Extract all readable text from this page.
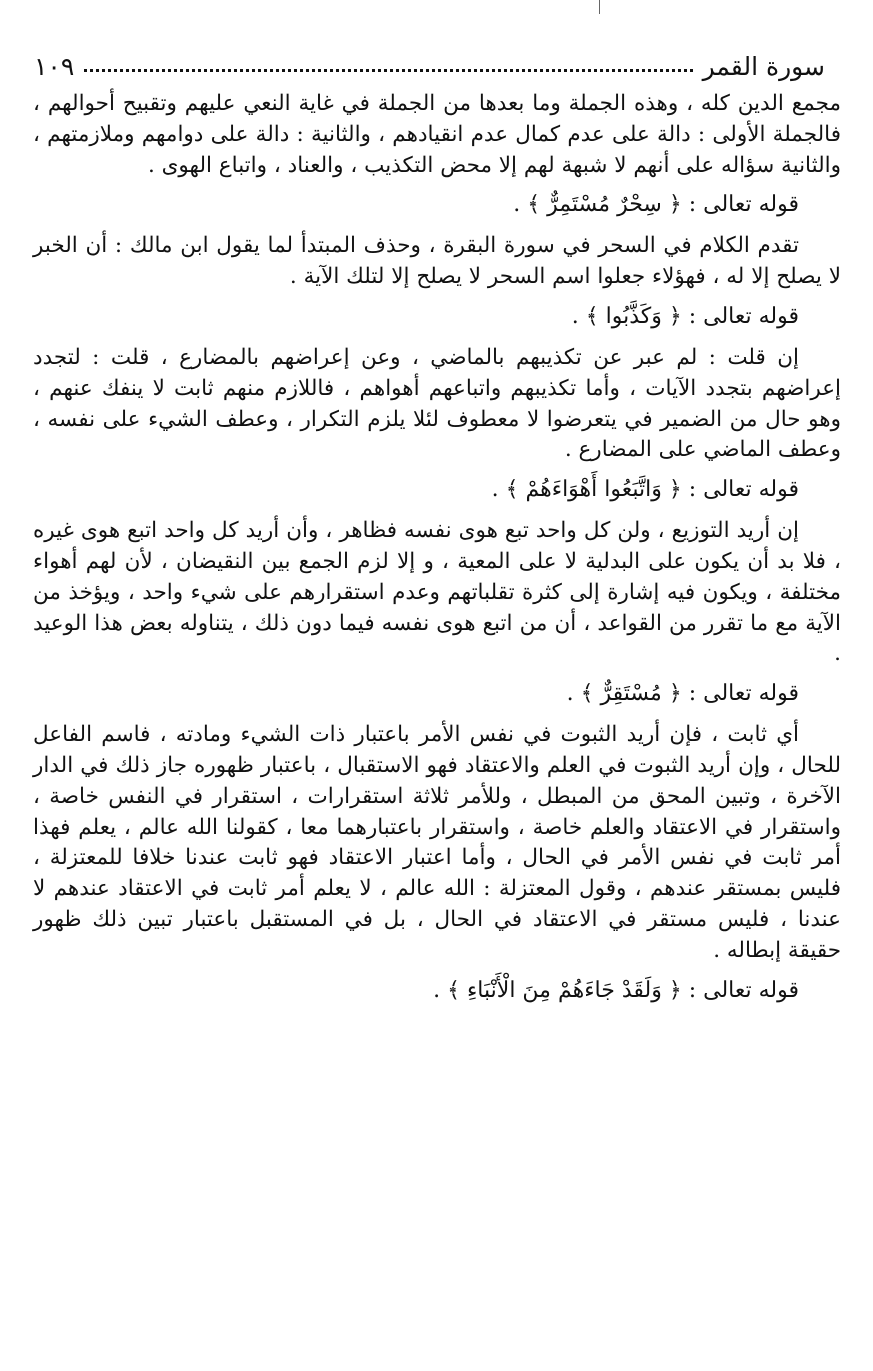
سورة القمر
١٠٩

مجمع الدين كله ، وهذه الجملة وما بعدها من الجملة في غاية النعي عليهم وتقبيح أحوالهم ، فالجملة الأولى : دالة على عدم كمال عدم انقيادهم ، والثانية : دالة على دوامهم وملازمتهم ، والثانية سؤاله على أنهم لا شبهة لهم إلا محض التكذيب ، والعناد ، واتباع الهوى .

قوله تعالى : ﴿ سِحْرٌ مُسْتَمِرٌّ ﴾ .

تقدم الكلام في السحر في سورة البقرة ، وحذف المبتدأ لما يقول ابن مالك : أن الخبر لا يصلح إلا له ، فهؤلاء جعلوا اسم السحر لا يصلح إلا لتلك الآية .

قوله تعالى : ﴿ وَكَذَّبُوا ﴾ .

إن قلت : لم عبر عن تكذيبهم بالماضي ، وعن إعراضهم بالمضارع ، قلت : لتجدد إعراضهم بتجدد الآيات ، وأما تكذيبهم واتباعهم أهواهم ، فاللازم منهم ثابت لا ينفك عنهم ، وهو حال من الضمير في يتعرضوا لا معطوف لئلا يلزم التكرار ، وعطف الشيء على نفسه ، وعطف الماضي على المضارع .

قوله تعالى : ﴿ وَاتَّبَعُوا أَهْوَاءَهُمْ ﴾ .

إن أريد التوزيع ، ولن كل واحد تبع هوى نفسه فظاهر ، وأن أريد كل واحد اتبع هوى غيره ، فلا بد أن يكون على البدلية لا على المعية ، و إلا لزم الجمع بين النقيضان ، لأن لهم أهواء مختلفة ، ويكون فيه إشارة إلى كثرة تقلباتهم وعدم استقرارهم على شيء واحد ، ويؤخذ من الآية مع ما تقرر من القواعد ، أن من اتبع هوى نفسه فيما دون ذلك ، يتناوله بعض هذا الوعيد .

قوله تعالى : ﴿ مُسْتَقِرٌّ ﴾ .

أي ثابت ، فإن أريد الثبوت في نفس الأمر باعتبار ذات الشيء ومادته ، فاسم الفاعل للحال ، وإن أريد الثبوت في العلم والاعتقاد فهو الاستقبال ، باعتبار ظهوره جاز ذلك في الدار الآخرة ، وتبين المحق من المبطل ، وللأمر ثلاثة استقرارات ، استقرار في النفس خاصة ، واستقرار في الاعتقاد والعلم خاصة ، واستقرار باعتبارهما معا ، كقولنا الله عالم ، يعلم فهذا أمر ثابت في نفس الأمر في الحال ، وأما اعتبار الاعتقاد فهو ثابت عندنا خلافا للمعتزلة ، فليس بمستقر عندهم ، وقول المعتزلة : الله عالم ، لا يعلم أمر ثابت في الاعتقاد عندهم لا عندنا ، فليس مستقر في الاعتقاد في الحال ، بل في المستقبل باعتبار تبين ذلك ظهور حقيقة إبطاله .

قوله تعالى : ﴿ وَلَقَدْ جَاءَهُمْ مِنَ الْأَنْبَاءِ ﴾ .
